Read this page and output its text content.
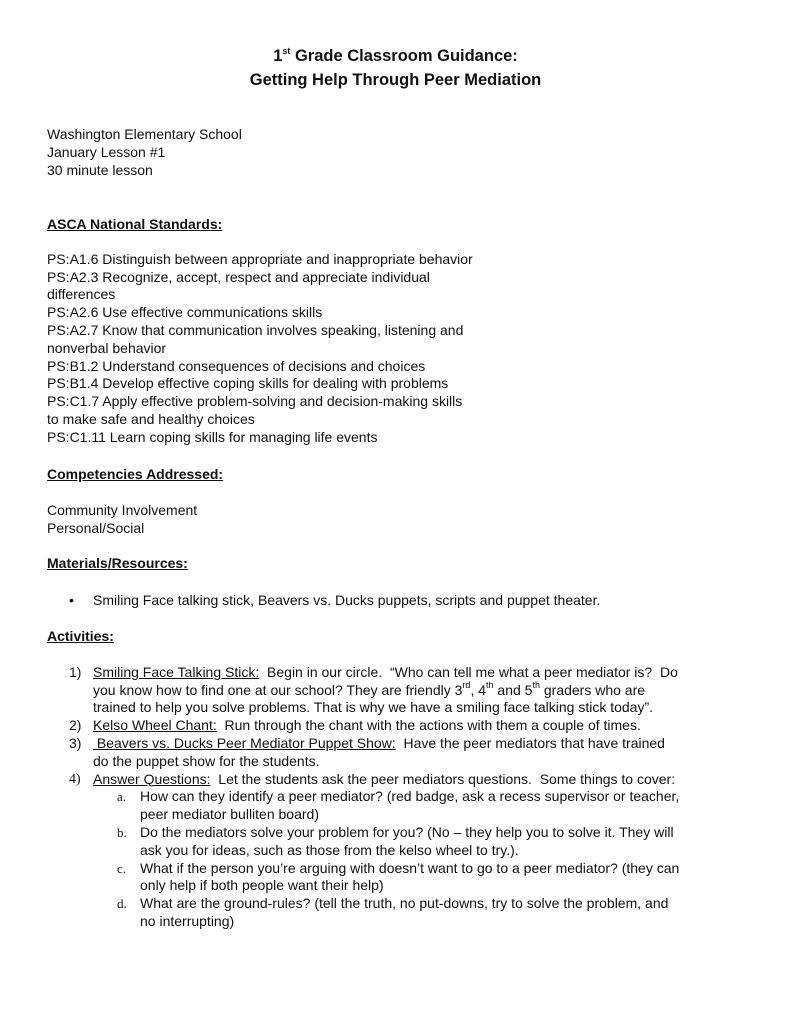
1st Grade Classroom Guidance:
Getting Help Through Peer Mediation
Washington Elementary School
January Lesson #1
30 minute lesson
ASCA National Standards:
PS:A1.6 Distinguish between appropriate and inappropriate behavior
PS:A2.3 Recognize, accept, respect and appreciate individual
differences
PS:A2.6 Use effective communications skills
PS:A2.7 Know that communication involves speaking, listening and
nonverbal behavior
PS:B1.2 Understand consequences of decisions and choices
PS:B1.4 Develop effective coping skills for dealing with problems
PS:C1.7 Apply effective problem-solving and decision-making skills
to make safe and healthy choices
PS:C1.11 Learn coping skills for managing life events
Competencies Addressed:
Community Involvement
Personal/Social
Materials/Resources:
• Smiling Face talking stick, Beavers vs. Ducks puppets, scripts and puppet theater.
Activities:
1) Smiling Face Talking Stick:  Begin in our circle.  “Who can tell me what a peer mediator is?  Do
you know how to find one at our school? They are friendly 3rd, 4th and 5th graders who are
trained to help you solve problems. That is why we have a smiling face talking stick today”.
2) Kelso Wheel Chant:  Run through the chant with the actions with them a couple of times.
3) Beavers vs. Ducks Peer Mediator Puppet Show:  Have the peer mediators that have trained
do the puppet show for the students.
4) Answer Questions:  Let the students ask the peer mediators questions.  Some things to cover:
a. How can they identify a peer mediator? (red badge, ask a recess supervisor or teacher,
peer mediator bulliten board)
b. Do the mediators solve your problem for you? (No – they help you to solve it. They will
ask you for ideas, such as those from the kelso wheel to try.).
c. What if the person you’re arguing with doesn’t want to go to a peer mediator? (they can
only help if both people want their help)
d. What are the ground-rules? (tell the truth, no put-downs, try to solve the problem, and
no interrupting)
